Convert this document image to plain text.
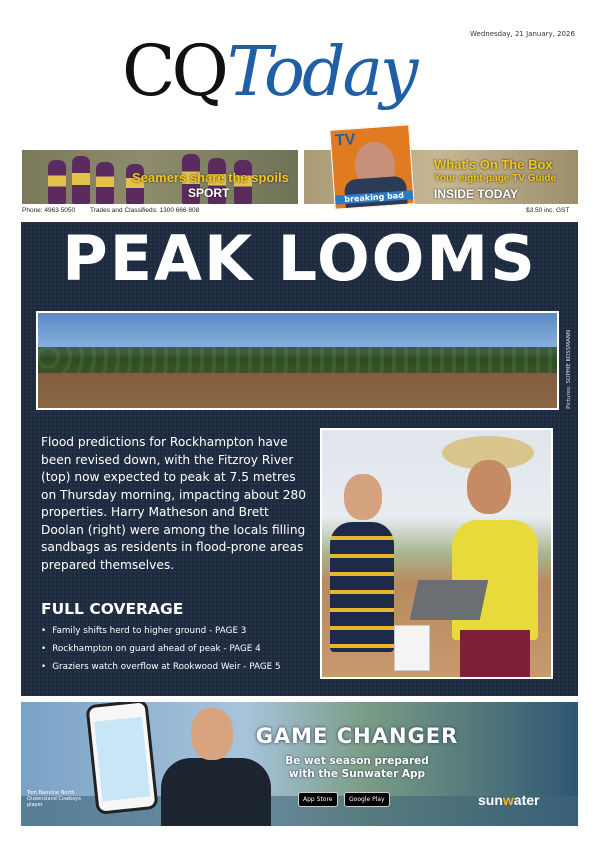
Wednesday, 21 January, 2026
CQ Today
Seamers share the spoils
SPORT
What's On The Box
Your eight-page TV Guide
INSIDE TODAY
TV
breaking bad
Phone: 4963 5050 Trades and Classifieds: 1300 666 808	$3.50 inc. GST
PEAK LOOMS
Pictures: SOPHIE KOSSMANN
Flood predictions for Rockhampton have been revised down, with the Fitzroy River (top) now expected to peak at 7.5 metres on Thursday morning, impacting about 280 properties. Harry Matheson and Brett Doolan (right) were among the locals filling sandbags as residents in flood-prone areas prepared themselves.
FULL COVERAGE
• Family shifts herd to higher ground - PAGE 3
• Rockhampton on guard ahead of peak - PAGE 4
• Graziers watch overflow at Rookwood Weir - PAGE 5
Tom Banvine North Queensland Cowboys player
GAME CHANGER
Be wet season prepared
with the Sunwater App
App Store	Google Play	sunwater
